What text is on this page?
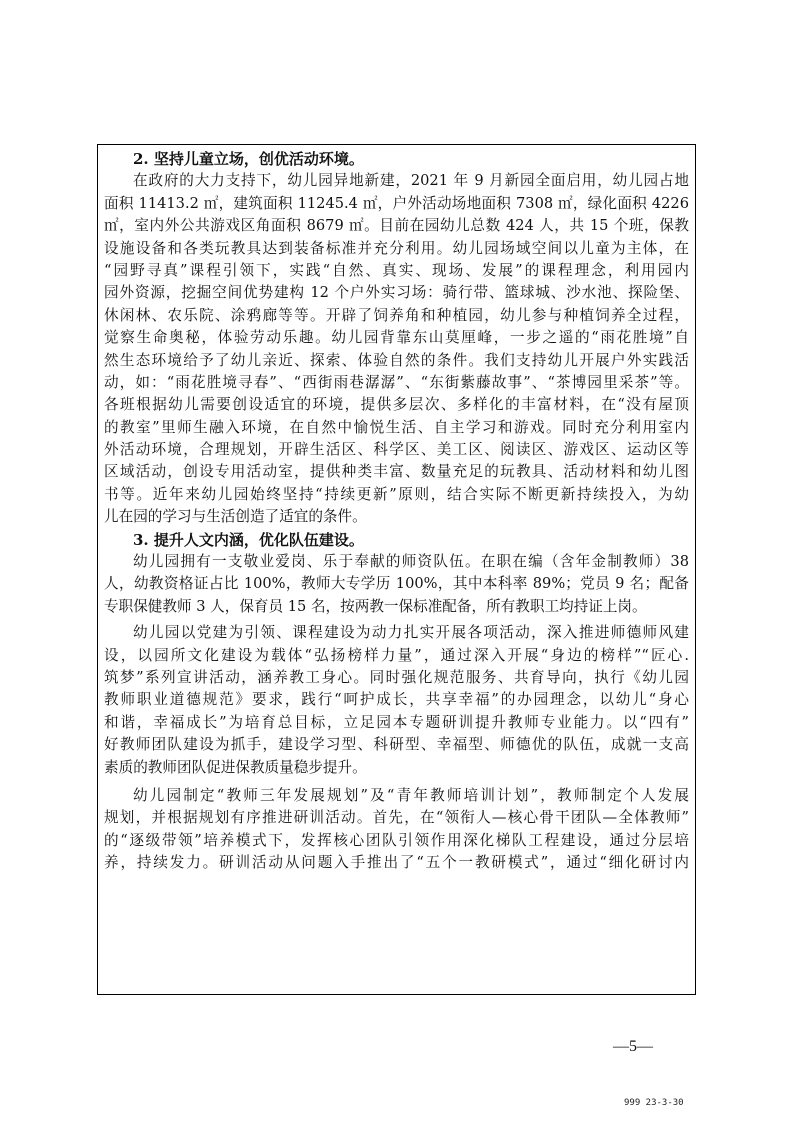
2. 坚持儿童立场，创优活动环境。
在政府的大力支持下，幼儿园异地新建，2021 年 9 月新园全面启用，幼儿园占地
面积 11413.2 ㎡，建筑面积 11245.4 ㎡，户外活动场地面积 7308 ㎡，绿化面积 4226
㎡，室内外公共游戏区角面积 8679 ㎡。目前在园幼儿总数 424 人，共 15 个班，保教
设施设备和各类玩教具达到装备标准并充分利用。幼儿园场域空间以儿童为主体，在
“园野寻真”课程引领下，实践“自然、真实、现场、发展”的课程理念，利用园内
园外资源，挖掘空间优势建构 12 个户外实习场：骑行带、篮球城、沙水池、探险堡、
休闲林、农乐院、涂鸦廊等等。开辟了饲养角和种植园，幼儿参与种植饲养全过程，
觉察生命奥秘，体验劳动乐趣。幼儿园背靠东山莫厘峰，一步之遥的“雨花胜境”自
然生态环境给予了幼儿亲近、探索、体验自然的条件。我们支持幼儿开展户外实践活
动，如：“雨花胜境寻春”、“西街雨巷潺潺”、“东街紫藤故事”、“茶博园里采茶”等。
各班根据幼儿需要创设适宜的环境，提供多层次、多样化的丰富材料，在“没有屋顶
的教室”里师生融入环境，在自然中愉悦生活、自主学习和游戏。同时充分利用室内
外活动环境，合理规划，开辟生活区、科学区、美工区、阅读区、游戏区、运动区等
区域活动，创设专用活动室，提供种类丰富、数量充足的玩教具、活动材料和幼儿图
书等。近年来幼儿园始终坚持“持续更新”原则，结合实际不断更新持续投入，为幼
儿在园的学习与生活创造了适宜的条件。
3. 提升人文内涵，优化队伍建设。
幼儿园拥有一支敬业爱岗、乐于奉献的师资队伍。在职在编（含年金制教师）38
人，幼教资格证占比 100%，教师大专学历 100%，其中本科率 89%；党员 9 名；配备
专职保健教师 3 人，保育员 15 名，按两教一保标准配备，所有教职工均持证上岗。
幼儿园以党建为引领、课程建设为动力扎实开展各项活动，深入推进师德师风建
设，以园所文化建设为载体“弘扬榜样力量”，通过深入开展“身边的榜样”“匠心.
筑梦”系列宣讲活动，涵养教工身心。同时强化规范服务、共育导向，执行《幼儿园
教师职业道德规范》要求，践行“呵护成长，共享幸福”的办园理念，以幼儿“身心
和谐，幸福成长”为培育总目标，立足园本专题研训提升教师专业能力。以“四有”
好教师团队建设为抓手，建设学习型、科研型、幸福型、师德优的队伍，成就一支高
素质的教师团队促进保教质量稳步提升。
幼儿园制定“教师三年发展规划”及“青年教师培训计划”，教师制定个人发展
规划，并根据规划有序推进研训活动。首先，在“领衔人—核心骨干团队—全体教师”
的“逐级带领”培养模式下，发挥核心团队引领作用深化梯队工程建设，通过分层培
养，持续发力。研训活动从问题入手推出了“五个一教研模式”，通过“细化研讨内
—5—
999 23-3-30
